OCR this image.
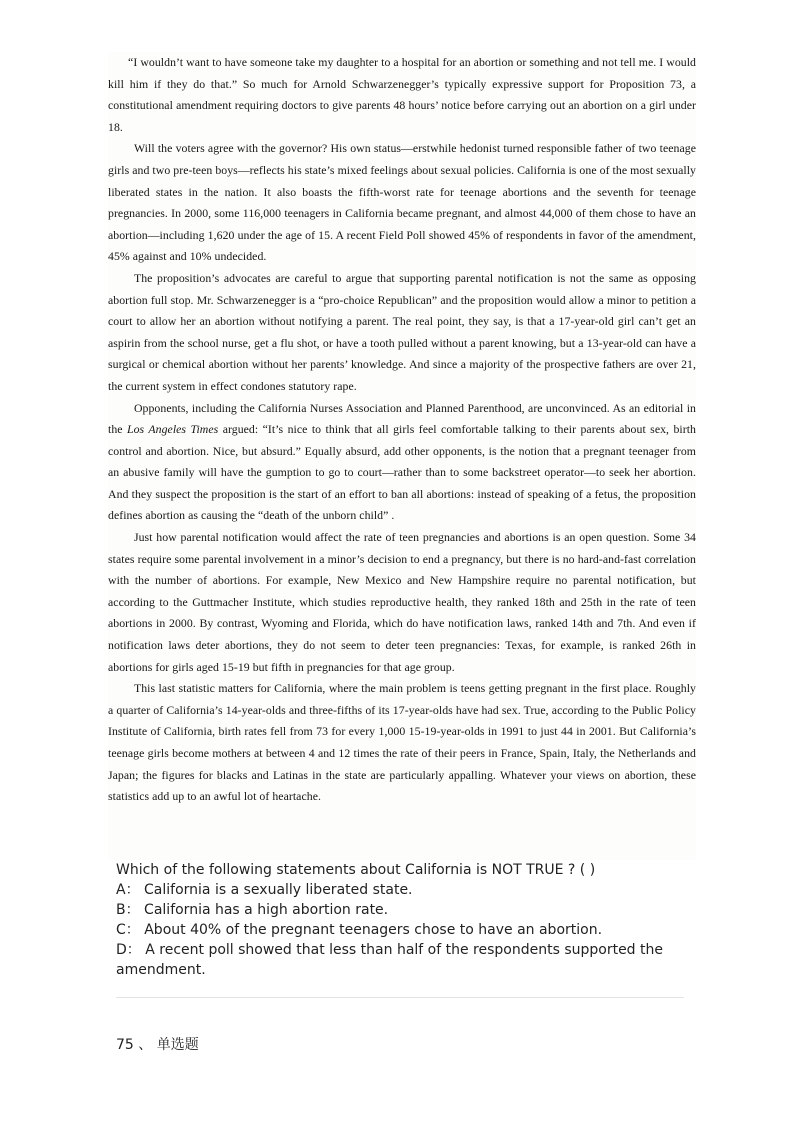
“I wouldn’t want to have someone take my daughter to a hospital for an abortion or something and not tell me. I would kill him if they do that.” So much for Arnold Schwarzenegger’s typically expressive support for Proposition 73, a constitutional amendment requiring doctors to give parents 48 hours’ notice before carrying out an abortion on a girl under 18.

Will the voters agree with the governor? His own status—erstwhile hedonist turned responsible father of two teenage girls and two pre-teen boys—reflects his state’s mixed feelings about sexual policies. California is one of the most sexually liberated states in the nation. It also boasts the fifth-worst rate for teenage abortions and the seventh for teenage pregnancies. In 2000, some 116,000 teenagers in California became pregnant, and almost 44,000 of them chose to have an abortion—including 1,620 under the age of 15. A recent Field Poll showed 45% of respondents in favor of the amendment, 45% against and 10% undecided.

The proposition’s advocates are careful to argue that supporting parental notification is not the same as opposing abortion full stop. Mr. Schwarzenegger is a “pro-choice Republican” and the proposition would allow a minor to petition a court to allow her an abortion without notifying a parent. The real point, they say, is that a 17-year-old girl can’t get an aspirin from the school nurse, get a flu shot, or have a tooth pulled without a parent knowing, but a 13-year-old can have a surgical or chemical abortion without her parents’ knowledge. And since a majority of the prospective fathers are over 21, the current system in effect condones statutory rape.

Opponents, including the California Nurses Association and Planned Parenthood, are unconvinced. As an editorial in the Los Angeles Times argued: “It’s nice to think that all girls feel comfortable talking to their parents about sex, birth control and abortion. Nice, but absurd.” Equally absurd, add other opponents, is the notion that a pregnant teenager from an abusive family will have the gumption to go to court—rather than to some backstreet operator—to seek her abortion. And they suspect the proposition is the start of an effort to ban all abortions: instead of speaking of a fetus, the proposition defines abortion as causing the “death of the unborn child” .

Just how parental notification would affect the rate of teen pregnancies and abortions is an open question. Some 34 states require some parental involvement in a minor’s decision to end a pregnancy, but there is no hard-and-fast correlation with the number of abortions. For example, New Mexico and New Hampshire require no parental notification, but according to the Guttmacher Institute, which studies reproductive health, they ranked 18th and 25th in the rate of teen abortions in 2000. By contrast, Wyoming and Florida, which do have notification laws, ranked 14th and 7th. And even if notification laws deter abortions, they do not seem to deter teen pregnancies: Texas, for example, is ranked 26th in abortions for girls aged 15-19 but fifth in pregnancies for that age group.

This last statistic matters for California, where the main problem is teens getting pregnant in the first place. Roughly a quarter of California’s 14-year-olds and three-fifths of its 17-year-olds have had sex. True, according to the Public Policy Institute of California, birth rates fell from 73 for every 1,000 15-19-year-olds in 1991 to just 44 in 2001. But California’s teenage girls become mothers at between 4 and 12 times the rate of their peers in France, Spain, Italy, the Netherlands and Japan; the figures for blacks and Latinas in the state are particularly appalling. Whatever your views on abortion, these statistics add up to an awful lot of heartache.

Which of the following statements about California is NOT TRUE ? ( )
A： California is a sexually liberated state.
B： California has a high abortion rate.
C： About 40% of the pregnant teenagers chose to have an abortion.
D： A recent poll showed that less than half of the respondents supported the amendment.
75 、 单选题
